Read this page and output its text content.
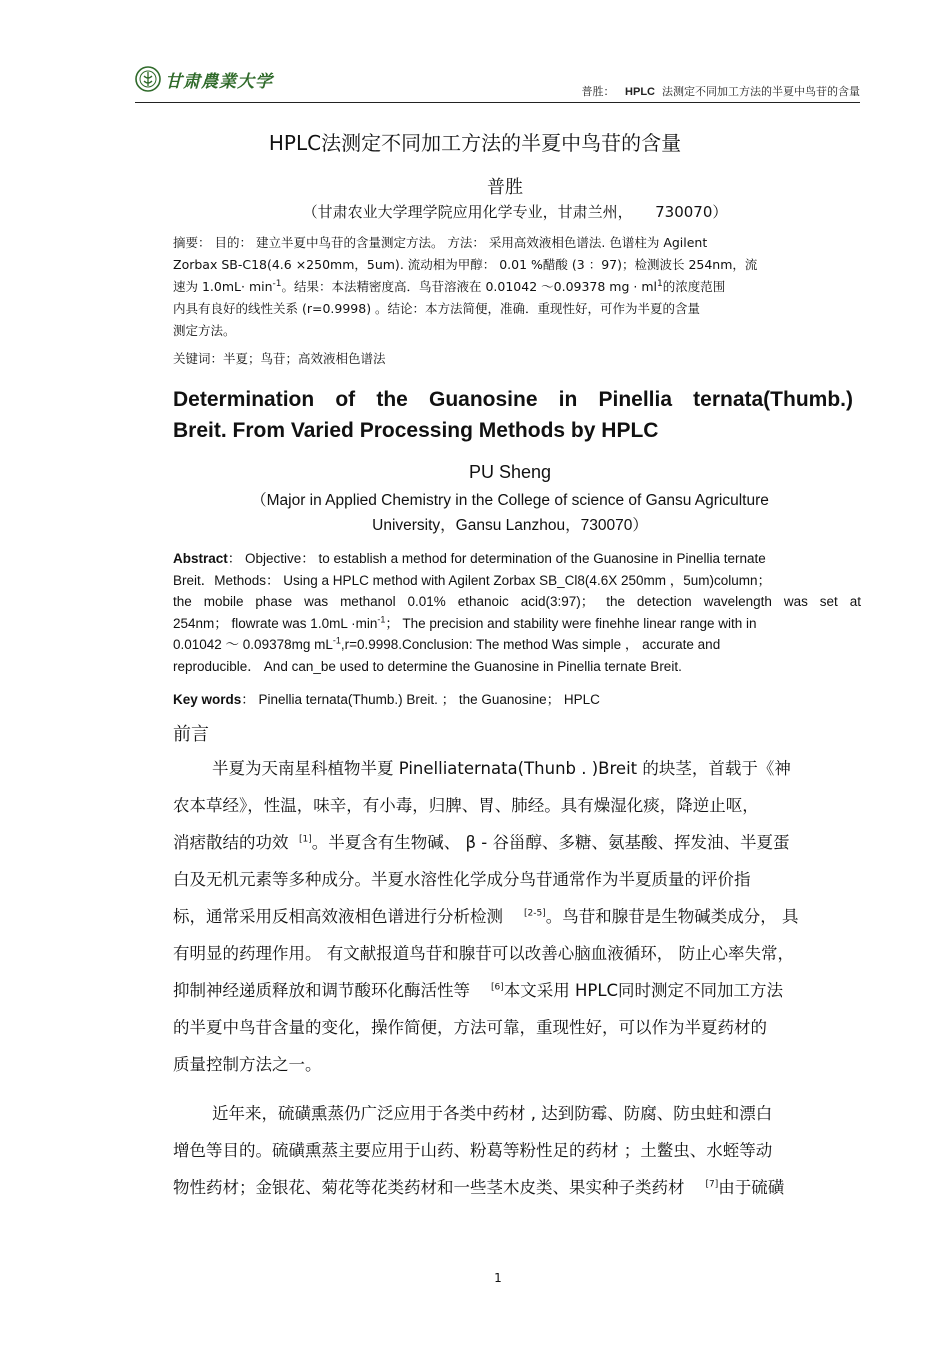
甘肃農業大学	普胜： HPLC 法测定不同加工方法的半夏中鸟苷的含量
HPLC法测定不同加工方法的半夏中鸟苷的含量
普胜
（甘肃农业大学理学院应用化学专业，甘肃兰州，　　730070）
摘要： 目的： 建立半夏中鸟苷的含量测定方法。 方法： 采用高效液相色谱法. 色谱柱为 Agilent
Zorbax SB-C18(4.6 ×250mm，5um). 流动相为甲醇： 0.01 %醋酸 (3 ：97)；检测波长 254nm，流
速为 $1.0mL\cdot \min^{-1}$。结果：本法精密度高．鸟苷溶液在 0.01042 ～0.09378 mg · $ml^1$的浓度范围
内具有良好的线性关系 (r=0.9998) 。结论：本方法简便，准确．重现性好，可作为半夏的含量
测定方法。
关键词：半夏；鸟苷；高效液相色谱法
Determination of the Guanosine in Pinellia ternata(Thumb.)
Breit. From Varied Processing Methods by HPLC
PU Sheng
（Major in Applied Chemistry in the College of science of Gansu Agriculture
University，Gansu Lanzhou，730070）
Abstract： Objective： to establish a method for determination of the Guanosine in Pinellia ternate
Breit．Methods： Using a HPLC method with Agilent Zorbax SB_Cl8(4.6X 250mm ，5um)column；
the mobile phase was methanol 0.01% ethanoic acid(3:97)； the detection wavelength was set at
254nm； flowrate was $1.0mL \cdot\min^{-1}$； The precision and stability were finehhe linear range with in
0.01042 ～ 0.09378mg $mL^{-1},r=0.9998.Conclusion$: The method Was simple ， accurate and
reproducible． And can_be used to determine the Guanosine in Pinellia ternate Breit.
Key words： Pinellia ternata(Thumb.) Breit. ； the Guanosine； HPLC
前言
半夏为天南星科植物半夏 Pinelliaternata(Thunb . )Breit 的块茎，首载于《神
农本草经》，性温，味辛，有小毒，归脾、胃、肺经。具有燥湿化痰，降逆止呕，
消痞散结的功效 [1]。半夏含有生物碱、 β - 谷甾醇、多糖、氨基酸、挥发油、半夏蛋
白及无机元素等多种成分。半夏水溶性化学成分鸟苷通常作为半夏质量的评价指
标，通常采用反相高效液相色谱进行分析检测 [2-5]。鸟苷和腺苷是生物碱类成分， 具
有明显的药理作用。 有文献报道鸟苷和腺苷可以改善心脑血液循环， 防止心率失常，
抑制神经递质释放和调节酸环化酶活性等 [6]本文采用 HPLC同时测定不同加工方法
的半夏中鸟苷含量的变化，操作简便，方法可靠，重现性好，可以作为半夏药材的
质量控制方法之一。
近年来，硫磺熏蒸仍广泛应用于各类中药材 , 达到防霉、防腐、防虫蛀和漂白
增色等目的。硫磺熏蒸主要应用于山药、粉葛等粉性足的药材 ；土鳖虫、水蛭等动
物性药材；金银花、菊花等花类药材和一些茎木皮类、果实种子类药材 [7]由于硫磺
1
